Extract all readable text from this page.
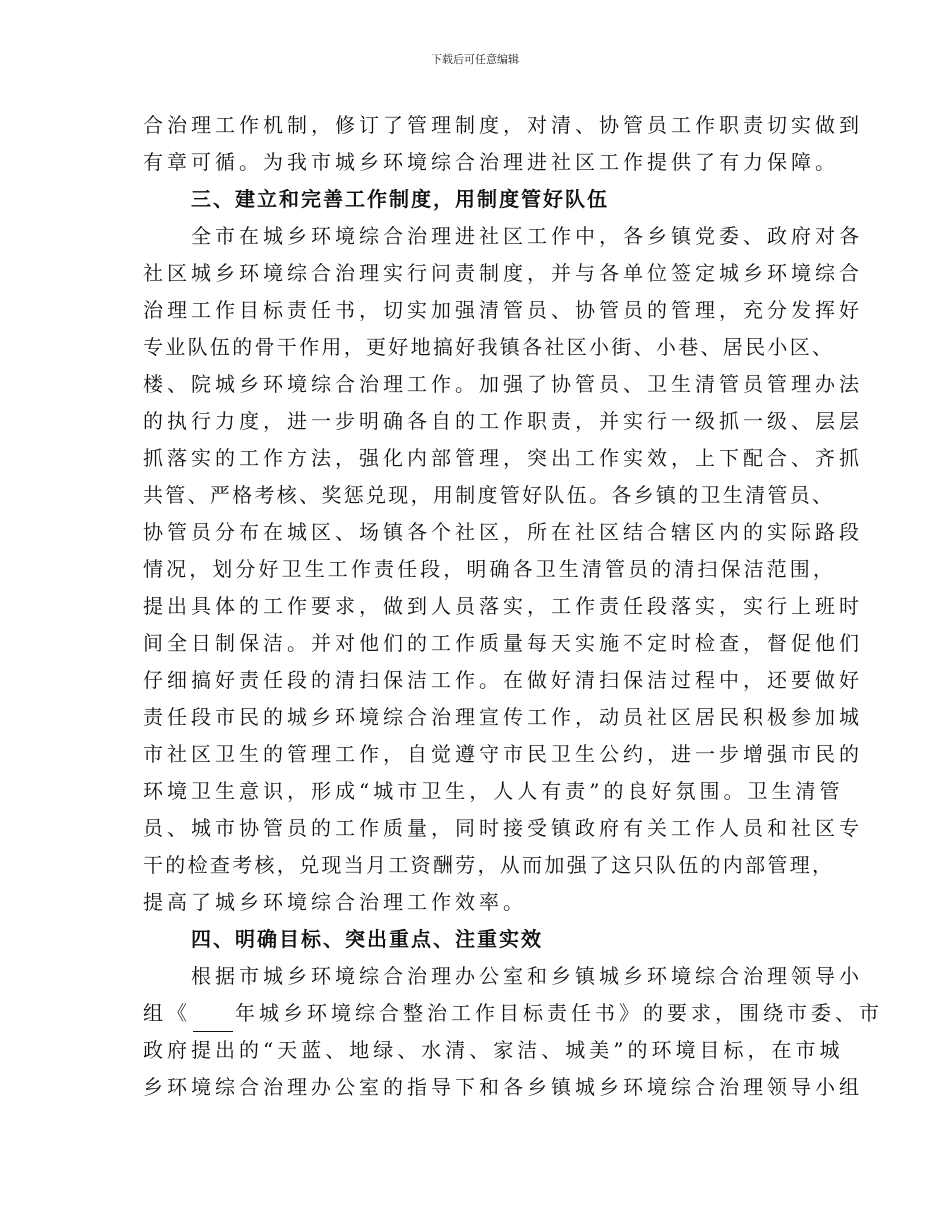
下载后可任意编辑
合治理工作机制，修订了管理制度，对清、协管员工作职责切实做到
有章可循。为我市城乡环境综合治理进社区工作提供了有力保障。
三、建立和完善工作制度，用制度管好队伍
全市在城乡环境综合治理进社区工作中，各乡镇党委、政府对各
社区城乡环境综合治理实行问责制度，并与各单位签定城乡环境综合
治理工作目标责任书，切实加强清管员、协管员的管理，充分发挥好
专业队伍的骨干作用，更好地搞好我镇各社区小街、小巷、居民小区、
楼、院城乡环境综合治理工作。加强了协管员、卫生清管员管理办法
的执行力度，进一步明确各自的工作职责，并实行一级抓一级、层层
抓落实的工作方法，强化内部管理，突出工作实效，上下配合、齐抓
共管、严格考核、奖惩兑现，用制度管好队伍。各乡镇的卫生清管员、
协管员分布在城区、场镇各个社区，所在社区结合辖区内的实际路段
情况，划分好卫生工作责任段，明确各卫生清管员的清扫保洁范围，
提出具体的工作要求，做到人员落实，工作责任段落实，实行上班时
间全日制保洁。并对他们的工作质量每天实施不定时检查，督促他们
仔细搞好责任段的清扫保洁工作。在做好清扫保洁过程中，还要做好
责任段市民的城乡环境综合治理宣传工作，动员社区居民积极参加城
市社区卫生的管理工作，自觉遵守市民卫生公约，进一步增强市民的
环境卫生意识，形成“城市卫生，人人有责”的良好氛围。卫生清管
员、城市协管员的工作质量，同时接受镇政府有关工作人员和社区专
干的检查考核，兑现当月工资酬劳，从而加强了这只队伍的内部管理，
提高了城乡环境综合治理工作效率。
四、明确目标、突出重点、注重实效
根据市城乡环境综合治理办公室和乡镇城乡环境综合治理领导小
组《 年城乡环境综合整治工作目标责任书》的要求，围绕市委、市
政府提出的“天蓝、地绿、水清、家洁、城美”的环境目标，在市城
乡环境综合治理办公室的指导下和各乡镇城乡环境综合治理领导小组
